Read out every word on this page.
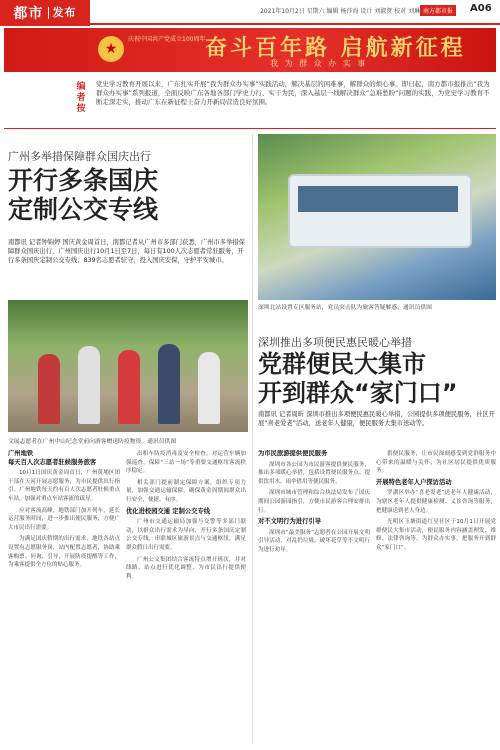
都市 发布	2021年10月2日 星期六 编辑 杨莎海 设计 刘淑贤 校对 刘琳 南方都市报	A06
★
庆祝中国共产党成立100周年 奋斗百年路 启航新征程
我 为 群 众 办 实 事
编者按
党史学习教育开展以来，广东扎实开展“我为群众办实事”实践活动，解决基层的困难事，解群众的烦心事。即日起，南方都市报推出“我为群众办实事”系列报道，全面反映广东各地各部门学史力行、实干为民，深入基层一线解决群众“急难愁盼”问题的实践，为党史学习教育不断走深走实，推动广东在新征程上奋力开新局营造良好氛围。
广州多举措保障群众国庆出行
开行多条国庆
定制公交专线
南都讯 记者钟锦婷 国庆黄金周首日，南都记者从广州市多部门获悉，广州市多举措保障群众国庆出行，广州国庆出行10月1日至7日，每日有100人次志愿者常驻服务，开行多条国庆定制公交专线；839名志愿者驻守，投入国庆安保，守护平安城市。
深圳北站设置专区服务站，党员突击队为旅客答疑解惑。通讯员供图
文展志愿者在广州中山纪念堂前向游客赠送防疫物资。通讯员供图
广州地铁
每天百人次志愿者驻候服务旅客

10月1日国庆黄金周首日，广州黄埔区团干部在天河开展志愿服务，为市民提供出行指引。广州地铁每天约有百人次志愿者驻候重点车站，加强对重点车站客流的疏导。

应对客流高峰，地铁部门加开列车，延长运营服务时间，进一步推出便民服务，方便广大市民出行需要。

为满足国庆假期的出行需求，地铁各站点设置有志愿服务岗，站内配置志愿者，协助乘客购票、问询、引导，开展防疫提醒等工作，为乘客提供全方位的贴心服务。

出租车防疫消毒及安全检查，对运营车辆加强巡查，保障“三站一场”等重要交通枢纽客流秩序稳定。

相关部门提前制定保障方案，组织专项力量，加强交通运输保障，确保黄金周期间群众出行安全、便捷、有序。

优化进校园交通 定制公交专线

广州市交通运输局加强与交警等多部门联动，以群众出行需求为导向，开行多条国庆定制公交专线，串联城区旅游景点与交通枢纽，满足群众假日出行需要。

广州公交集团结合客流特点增开班次，并对线路、站点进行优化调整，为市民出行提供便利。

深圳推出多项便民惠民暖心举措
党群便民大集市
开到群众“家门口”
南都讯 记者周昕 深圳市推出多项便民惠民暖心举措，公园提供多项便民服务，社区开展“喜老爱老”活动，送老年人健康，便民服务大集市送动等。
为市民旅游提供便民服务

深圳市各公园为市民游客提供便民服务，推出多项暖心举措，包括设置便民服务点、提供饮用水、雨伞借用等便民服务。

深圳市城市管理和综合执法局发布了国庆期间公园游园指引，方便市民游客合理安排出行。

对不文明行为进行引导

深圳市“最美服务”志愿者在公园开展文明引导活动，对乱扔垃圾、破坏花草等不文明行为进行劝导。

供便民服务，让市民深刻感受到党群服务中心带来的温暖与关怀，为社区居民提供优质服务。

开展特色老年人户探访活动

罗湖区举办“喜老爱老”送老年人健康活动，为辖区老年人提供健康检测、义诊咨询等服务，把健康送到老人身边。

光明区玉塘街道红星社区于10月1日开展党群便民大集市活动，便民服务内容涵盖理发、维修、法律咨询等，为群众办实事，把服务开到群众“家门口”。
